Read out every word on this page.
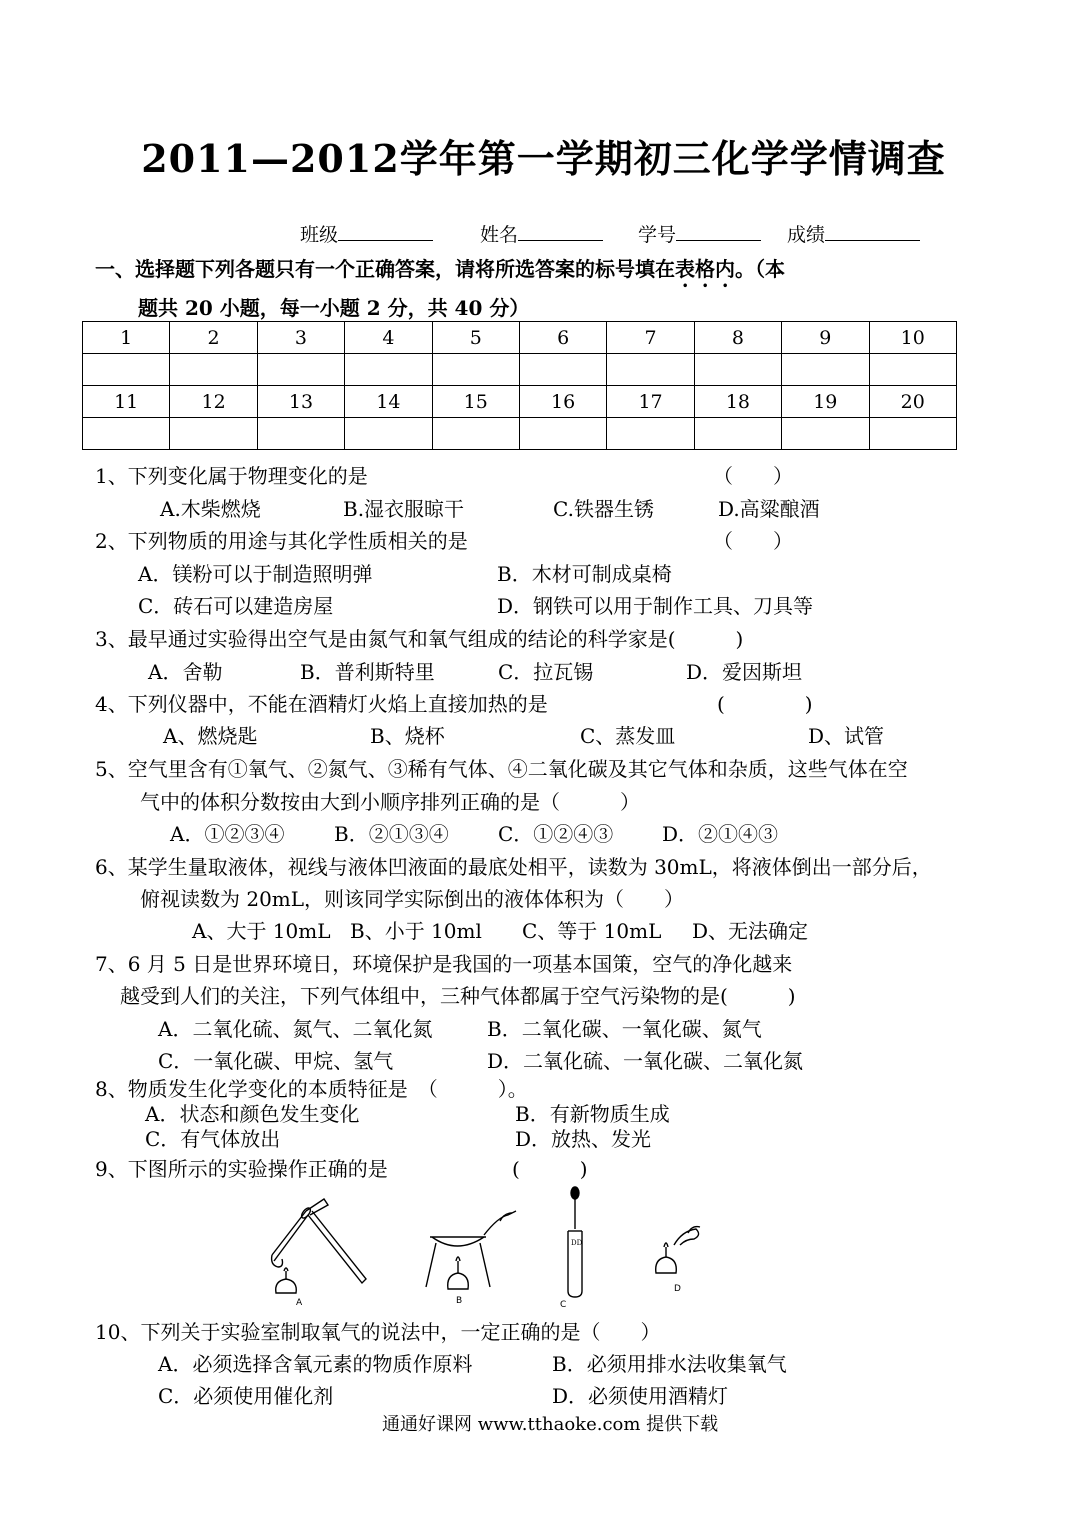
2011—2012学年第一学期初三化学学情调查
班级	姓名	学号	成绩
一、选择题下列各题只有一个正确答案，请将所选答案的标号填在表格内。（本
题共 20 小题，每一小题 2 分，共 40 分）
1	2	3	4	5	6	7	8	9	10

11	12	13	14	15	16	17	18	19	20

1、下列变化属于物理变化的是	（　　）
A.木柴燃烧	B.湿衣服晾干	C.铁器生锈	D.高粱酿酒
2、下列物质的用途与其化学性质相关的是	（　　）
A．镁粉可以于制造照明弹	B．木材可制成桌椅
C．砖石可以建造房屋	D．钢铁可以用于制作工具、刀具等
3、最早通过实验得出空气是由氮气和氧气组成的结论的科学家是(　　　)
A．舍勒	B．普利斯特里	C．拉瓦锡	D．爱因斯坦
4、下列仪器中，不能在酒精灯火焰上直接加热的是	(　　　　)
A、燃烧匙	B、烧杯	C、蒸发皿	D、试管
5、空气里含有①氧气、②氮气、③稀有气体、④二氧化碳及其它气体和杂质，这些气体在空
气中的体积分数按由大到小顺序排列正确的是（　　　）
A．①②③④ B．②①③④ C．①②④③ D．②①④③
6、某学生量取液体，视线与液体凹液面的最底处相平，读数为 30mL，将液体倒出一部分后，
俯视读数为 20mL，则该同学实际倒出的液体体积为（　　）
A、大于 10mL B、小于 10ml C、等于 10mL D、无法确定
7、6 月 5 日是世界环境日，环境保护是我国的一项基本国策，空气的净化越来
越受到人们的关注，下列气体组中，三种气体都属于空气污染物的是(　　　)
A．二氧化硫、氮气、二氧化氮	B．二氧化碳、一氧化碳、氮气
C．一氧化碳、甲烷、氢气	D．二氧化硫、一氧化碳、二氧化氮
8、物质发生化学变化的本质特征是　（　　　）。
A．状态和颜色发生变化	B．有新物质生成
C．有气体放出	D．放热、发光
9、下图所示的实验操作正确的是	(　　　)
A	B
DD
C
D
10、下列关于实验室制取氧气的说法中，一定正确的是（　　）
A．必须选择含氧元素的物质作原料	B．必须用排水法收集氧气
C．必须使用催化剂	D．必须使用酒精灯
通通好课网 www.tthaoke.com 提供下载
